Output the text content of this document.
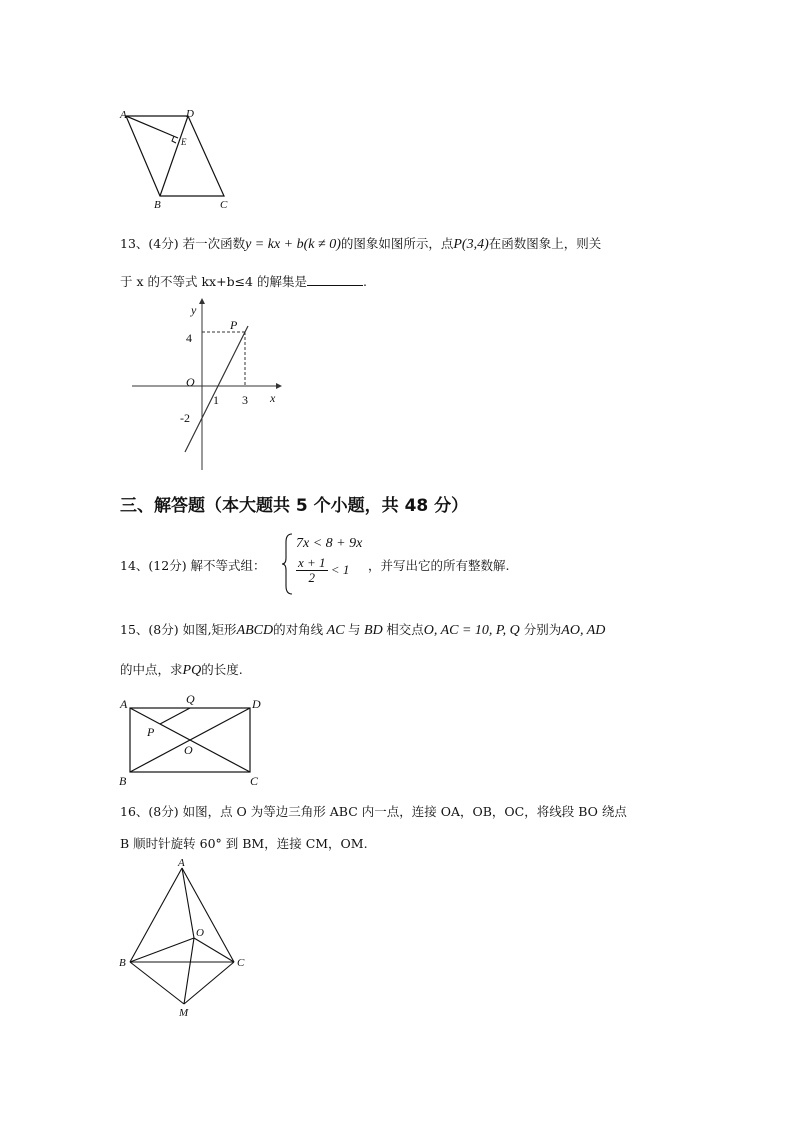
A	D
E
B	C
13、(4分) 若一次函数y = kx + b(k ≠ 0)的图象如图所示，点P(3,4)在函数图象上，则关
于 x 的不等式 kx+b≤4 的解集是	.
y
x
O
P
4
-2
1 3
三、解答题（本大题共 5 个小题，共 48 分）
14、(12分) 解不等式组：
7x < 8 + 9x
$\frac{x + 1}{2} < 1$ ，并写出它的所有整数解.
15、(8分) 如图,矩形ABCD的对角线 AC 与 BD 相交点O, AC = 10, P, Q 分别为AO, AD
的中点，求PQ的长度.
A	Q	D
P
O
B	C
16、(8分) 如图，点 O 为等边三角形 ABC 内一点，连接 OA，OB，OC，将线段 BO 绕点
B 顺时针旋转 60° 到 BM，连接 CM，OM.
A
O
B	C
M
